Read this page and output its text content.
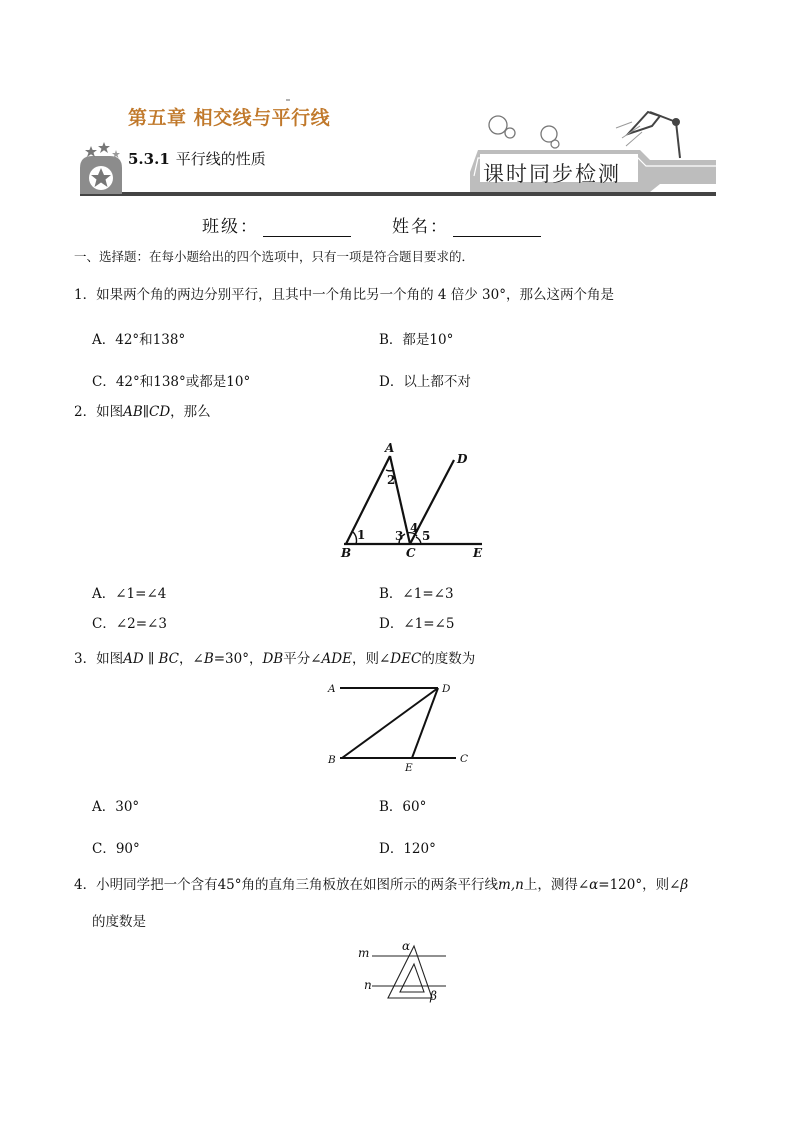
第五章 相交线与平行线
5.3.1 平行线的性质
课时同步检测
班级：	姓名：
一、选择题：在每小题给出的四个选项中，只有一项是符合题目要求的．
1．如果两个角的两边分别平行，且其中一个角比另一个角的 4 倍少 30°，那么这两个角是
A．42°和138°	B．都是10°
C．42°和138°或都是10°	D．以上都不对
2．如图AB∥CD，那么
A
2
D
4
1 3 5
B	C	E
A．∠1=∠4	B．∠1=∠3
C．∠2=∠3	D．∠1=∠5
3．如图AD ∥ BC，∠B=30°，DB平分∠ADE，则∠DEC的度数为
A	D
B
E
C
A．30°	B．60°
C．90°	D．120°
4．小明同学把一个含有45°角的直角三角板放在如图所示的两条平行线m,n上，测得∠α=120°，则∠β
的度数是
m	α
n
β
